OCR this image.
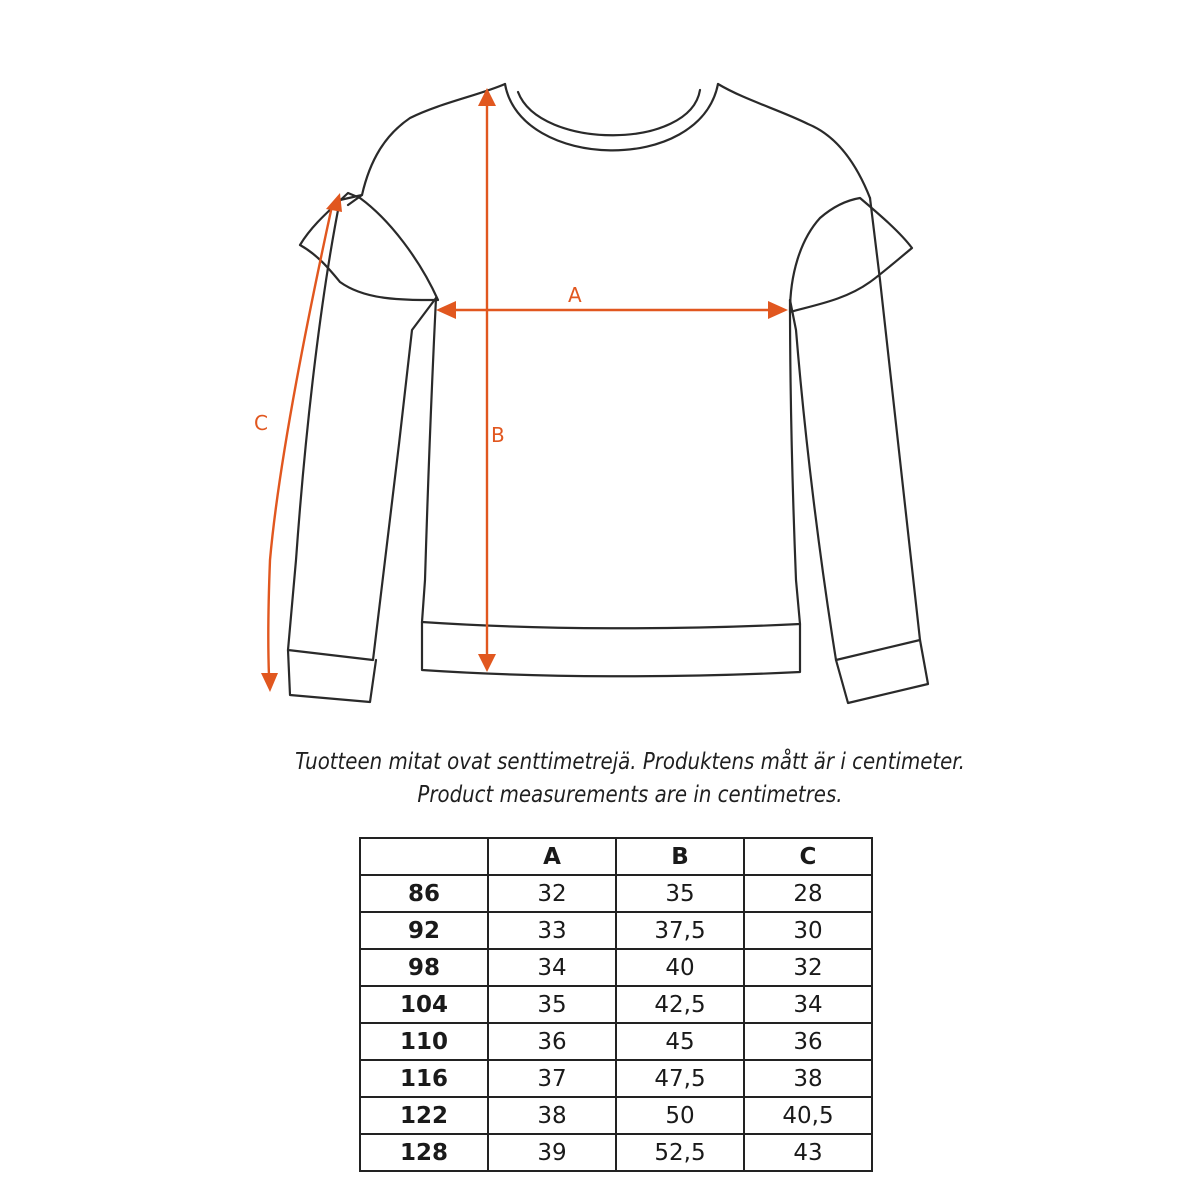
A
B
C
Tuotteen mitat ovat senttimetrejä. Produktens mått är i centimeter.
Product measurements are in centimetres.
	A	B	C
86	32	35	28
92	33	37,5	30
98	34	40	32
104	35	42,5	34
110	36	45	36
116	37	47,5	38
122	38	50	40,5
128	39	52,5	43
